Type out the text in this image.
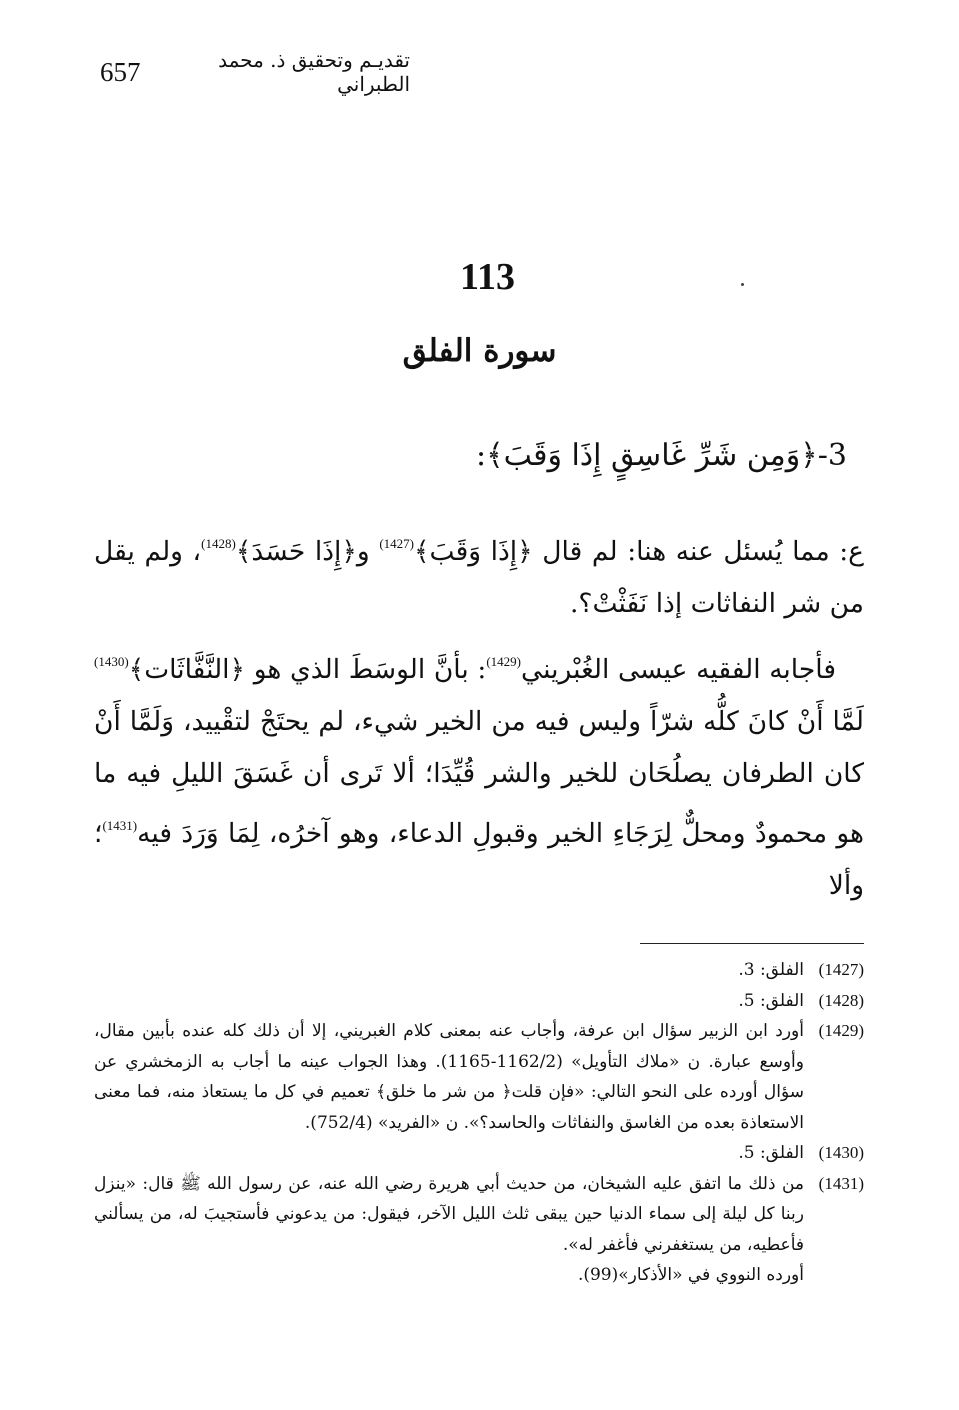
657	تقديـم وتحقيق ذ. محمد الطبراني
113
سورة الفلق
3-﴿وَمِن شَرِّ غَاسِقٍ إِذَا وَقَبَ﴾:
ع: مما يُسئل عنه هنا: لم قال ﴿إِذَا وَقَبَ﴾$^{(1427)}$ و﴿إِذَا حَسَدَ﴾$^{(1428)}$، ولم يقل من شر النفاثات إذا نَفَثْتْ؟.
فأجابه الفقيه عيسى الغُبْريني$^{(1429)}$: بأنَّ الوسَطَ الذي هو ﴿النَّفَّاثَات﴾$^{(1430)}$ لَمَّا أَنْ كانَ كلُّه شرّاً وليس فيه من الخير شيء، لم يحتَجْ لتقْييد، وَلَمَّا أَنْ كان الطرفان يصلُحَان للخير والشر قُيِّدَا؛ ألا تَرى أن غَسَقَ الليلِ فيه ما هو محمودٌ ومحلٌّ لِرَجَاءِ الخير وقبولِ الدعاء، وهو آخرُه، لِمَا وَرَدَ فيه$^{(1431)}$؛ وألا
(1427)

الفلق: 3.

(1428)

الفلق: 5.

(1429)

أورد ابن الزبير سؤال ابن عرفة، وأجاب عنه بمعنى كلام الغبريني، إلا أن ذلك كله عنده بأبين مقال، وأوسع عبارة. ن «ملاك التأويل» (1162/2-1165). وهذا الجواب عينه ما أجاب به الزمخشري عن سؤال أورده على النحو التالي: «فإن قلت﴿ من شر ما خلق﴾ تعميم في كل ما يستعاذ منه، فما معنى الاستعاذة بعده من الغاسق والنفاثات والحاسد؟». ن «الفريد» (752/4).

(1430)

الفلق: 5.

(1431)

من ذلك ما اتفق عليه الشيخان، من حديث أبي هريرة رضي الله عنه، عن رسول الله ﷺ قال: «ينزل ربنا كل ليلة إلى سماء الدنيا حين يبقى ثلث الليل الآخر، فيقول: من يدعوني فأستجيبَ له، من يسألني فأعطيه، من يستغفرني فأغفر له».

أورده النووي في «الأذكار»(99).
